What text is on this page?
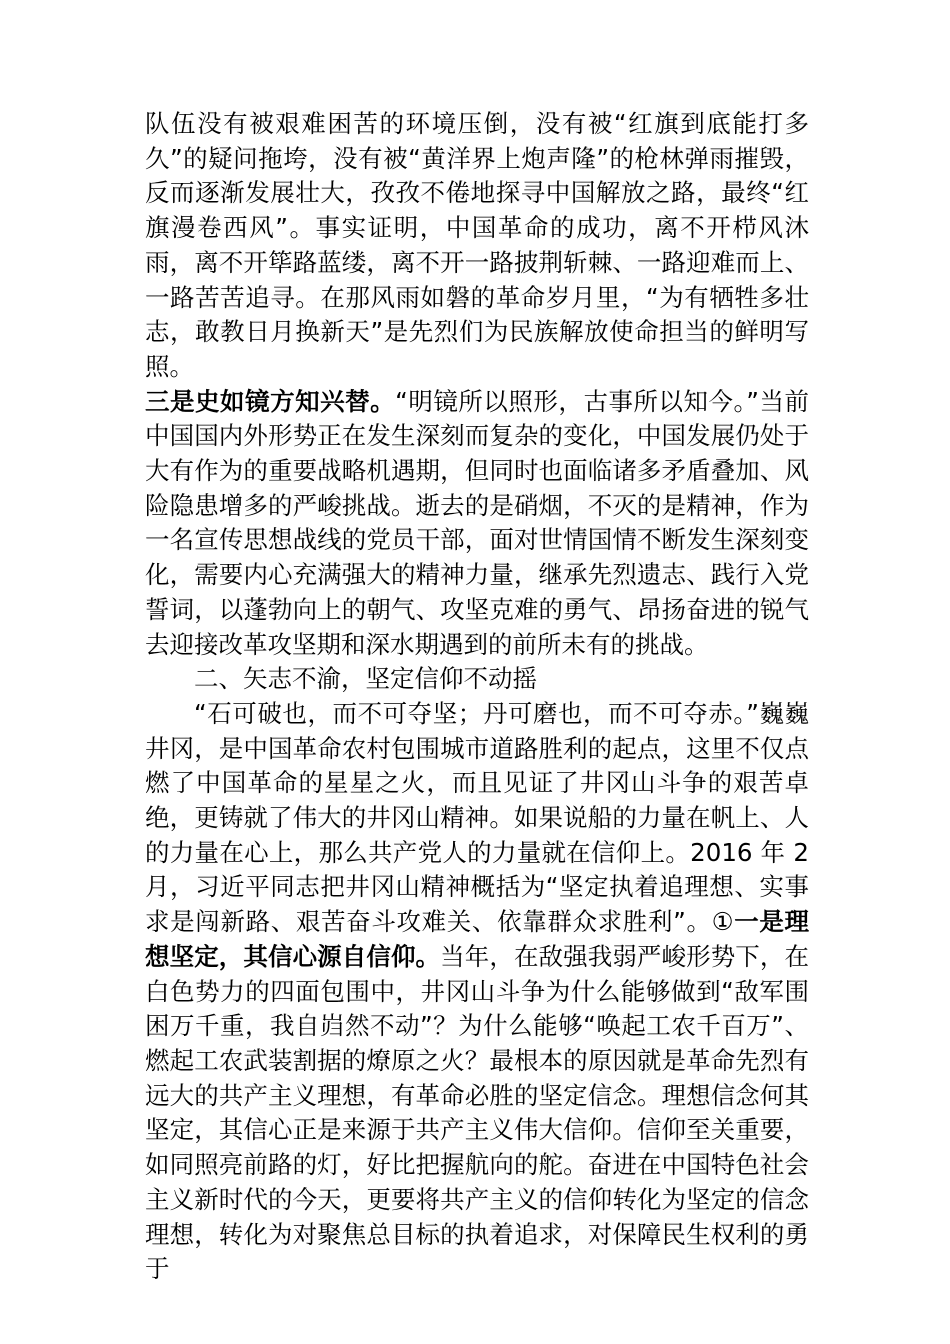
队伍没有被艰难困苦的环境压倒，没有被“红旗到底能打多久”的疑问拖垮，没有被“黄洋界上炮声隆”的枪林弹雨摧毁，反而逐渐发展壮大，孜孜不倦地探寻中国解放之路，最终“红旗漫卷西风”。事实证明，中国革命的成功，离不开栉风沐雨，离不开筚路蓝缕，离不开一路披荆斩棘、一路迎难而上、一路苦苦追寻。在那风雨如磐的革命岁月里，“为有牺牲多壮志，敢教日月换新天”是先烈们为民族解放使命担当的鲜明写照。

三是史如镜方知兴替。“明镜所以照形，古事所以知今。”当前中国国内外形势正在发生深刻而复杂的变化，中国发展仍处于大有作为的重要战略机遇期，但同时也面临诸多矛盾叠加、风险隐患增多的严峻挑战。逝去的是硝烟，不灭的是精神，作为一名宣传思想战线的党员干部，面对世情国情不断发生深刻变化，需要内心充满强大的精神力量，继承先烈遗志、践行入党誓词，以蓬勃向上的朝气、攻坚克难的勇气、昂扬奋进的锐气去迎接改革攻坚期和深水期遇到的前所未有的挑战。

二、矢志不渝，坚定信仰不动摇

“石可破也，而不可夺坚；丹可磨也，而不可夺赤。”巍巍井冈，是中国革命农村包围城市道路胜利的起点，这里不仅点燃了中国革命的星星之火，而且见证了井冈山斗争的艰苦卓绝，更铸就了伟大的井冈山精神。如果说船的力量在帆上、人的力量在心上，那么共产党人的力量就在信仰上。2016 年 2 月，习近平同志把井冈山精神概括为“坚定执着追理想、实事求是闯新路、艰苦奋斗攻难关、依靠群众求胜利”。①一是理想坚定，其信心源自信仰。当年，在敌强我弱严峻形势下，在白色势力的四面包围中，井冈山斗争为什么能够做到“敌军围困万千重，我自岿然不动”？为什么能够“唤起工农千百万”、燃起工农武装割据的燎原之火？最根本的原因就是革命先烈有远大的共产主义理想，有革命必胜的坚定信念。理想信念何其坚定，其信心正是来源于共产主义伟大信仰。信仰至关重要，如同照亮前路的灯，好比把握航向的舵。奋进在中国特色社会主义新时代的今天，更要将共产主义的信仰转化为坚定的信念理想，转化为对聚焦总目标的执着追求，对保障民生权利的勇于
